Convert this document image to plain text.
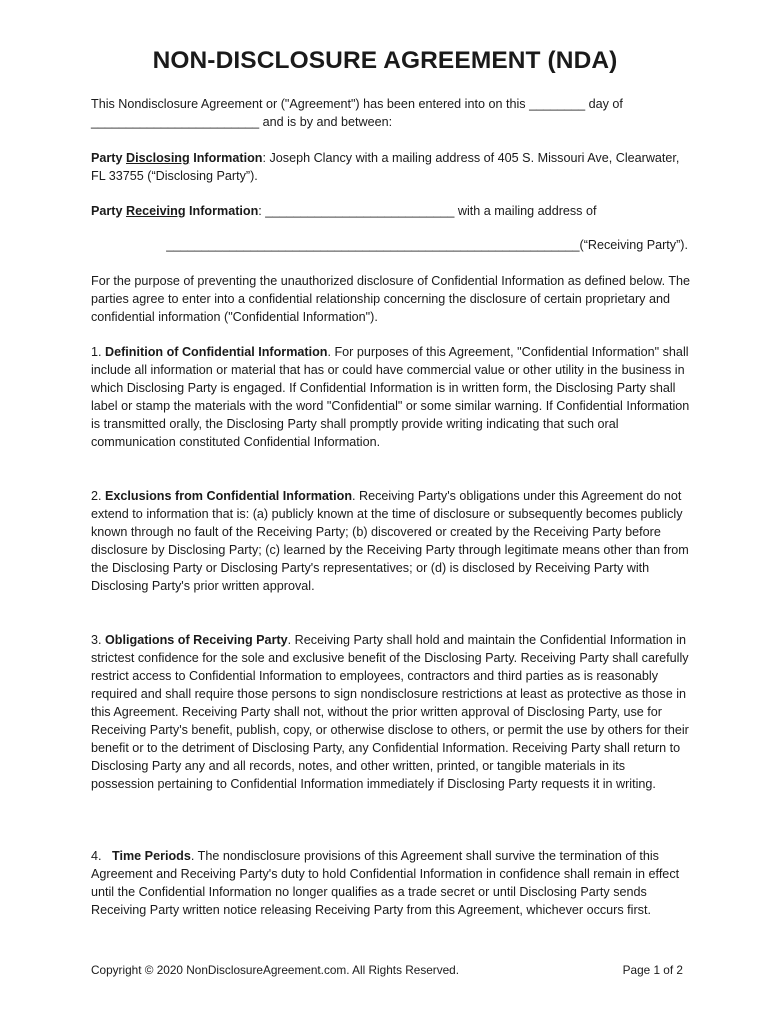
NON-DISCLOSURE AGREEMENT (NDA)

This Nondisclosure Agreement or ("Agreement") has been entered into on this ________ day of ________________________ and is by and between:

Party Disclosing Information: Joseph Clancy with a mailing address of 405 S. Missouri Ave, Clearwater, FL 33755 (“Disclosing Party”).

Party Receiving Information: ___________________________ with a mailing address of

___________________________________________________________(“Receiving Party”).

For the purpose of preventing the unauthorized disclosure of Confidential Information as defined below. The parties agree to enter into a confidential relationship concerning the disclosure of certain proprietary and confidential information ("Confidential Information").

1. Definition of Confidential Information. For purposes of this Agreement, "Confidential Information" shall include all information or material that has or could have commercial value or other utility in the business in which Disclosing Party is engaged. If Confidential Information is in written form, the Disclosing Party shall label or stamp the materials with the word "Confidential" or some similar warning. If Confidential Information is transmitted orally, the Disclosing Party shall promptly provide writing indicating that such oral communication constituted Confidential Information.

2. Exclusions from Confidential Information. Receiving Party's obligations under this Agreement do not extend to information that is: (a) publicly known at the time of disclosure or subsequently becomes publicly known through no fault of the Receiving Party; (b) discovered or created by the Receiving Party before disclosure by Disclosing Party; (c) learned by the Receiving Party through legitimate means other than from the Disclosing Party or Disclosing Party's representatives; or (d) is disclosed by Receiving Party with Disclosing Party's prior written approval.

3. Obligations of Receiving Party. Receiving Party shall hold and maintain the Confidential Information in strictest confidence for the sole and exclusive benefit of the Disclosing Party. Receiving Party shall carefully restrict access to Confidential Information to employees, contractors and third parties as is reasonably required and shall require those persons to sign nondisclosure restrictions at least as protective as those in this Agreement. Receiving Party shall not, without the prior written approval of Disclosing Party, use for Receiving Party's benefit, publish, copy, or otherwise disclose to others, or permit the use by others for their benefit or to the detriment of Disclosing Party, any Confidential Information. Receiving Party shall return to Disclosing Party any and all records, notes, and other written, printed, or tangible materials in its possession pertaining to Confidential Information immediately if Disclosing Party requests it in writing.

4.   Time Periods. The nondisclosure provisions of this Agreement shall survive the termination of this Agreement and Receiving Party's duty to hold Confidential Information in confidence shall remain in effect until the Confidential Information no longer qualifies as a trade secret or until Disclosing Party sends Receiving Party written notice releasing Receiving Party from this Agreement, whichever occurs first.

Copyright © 2020 NonDisclosureAgreement.com. All Rights Reserved.	Page 1 of 2
